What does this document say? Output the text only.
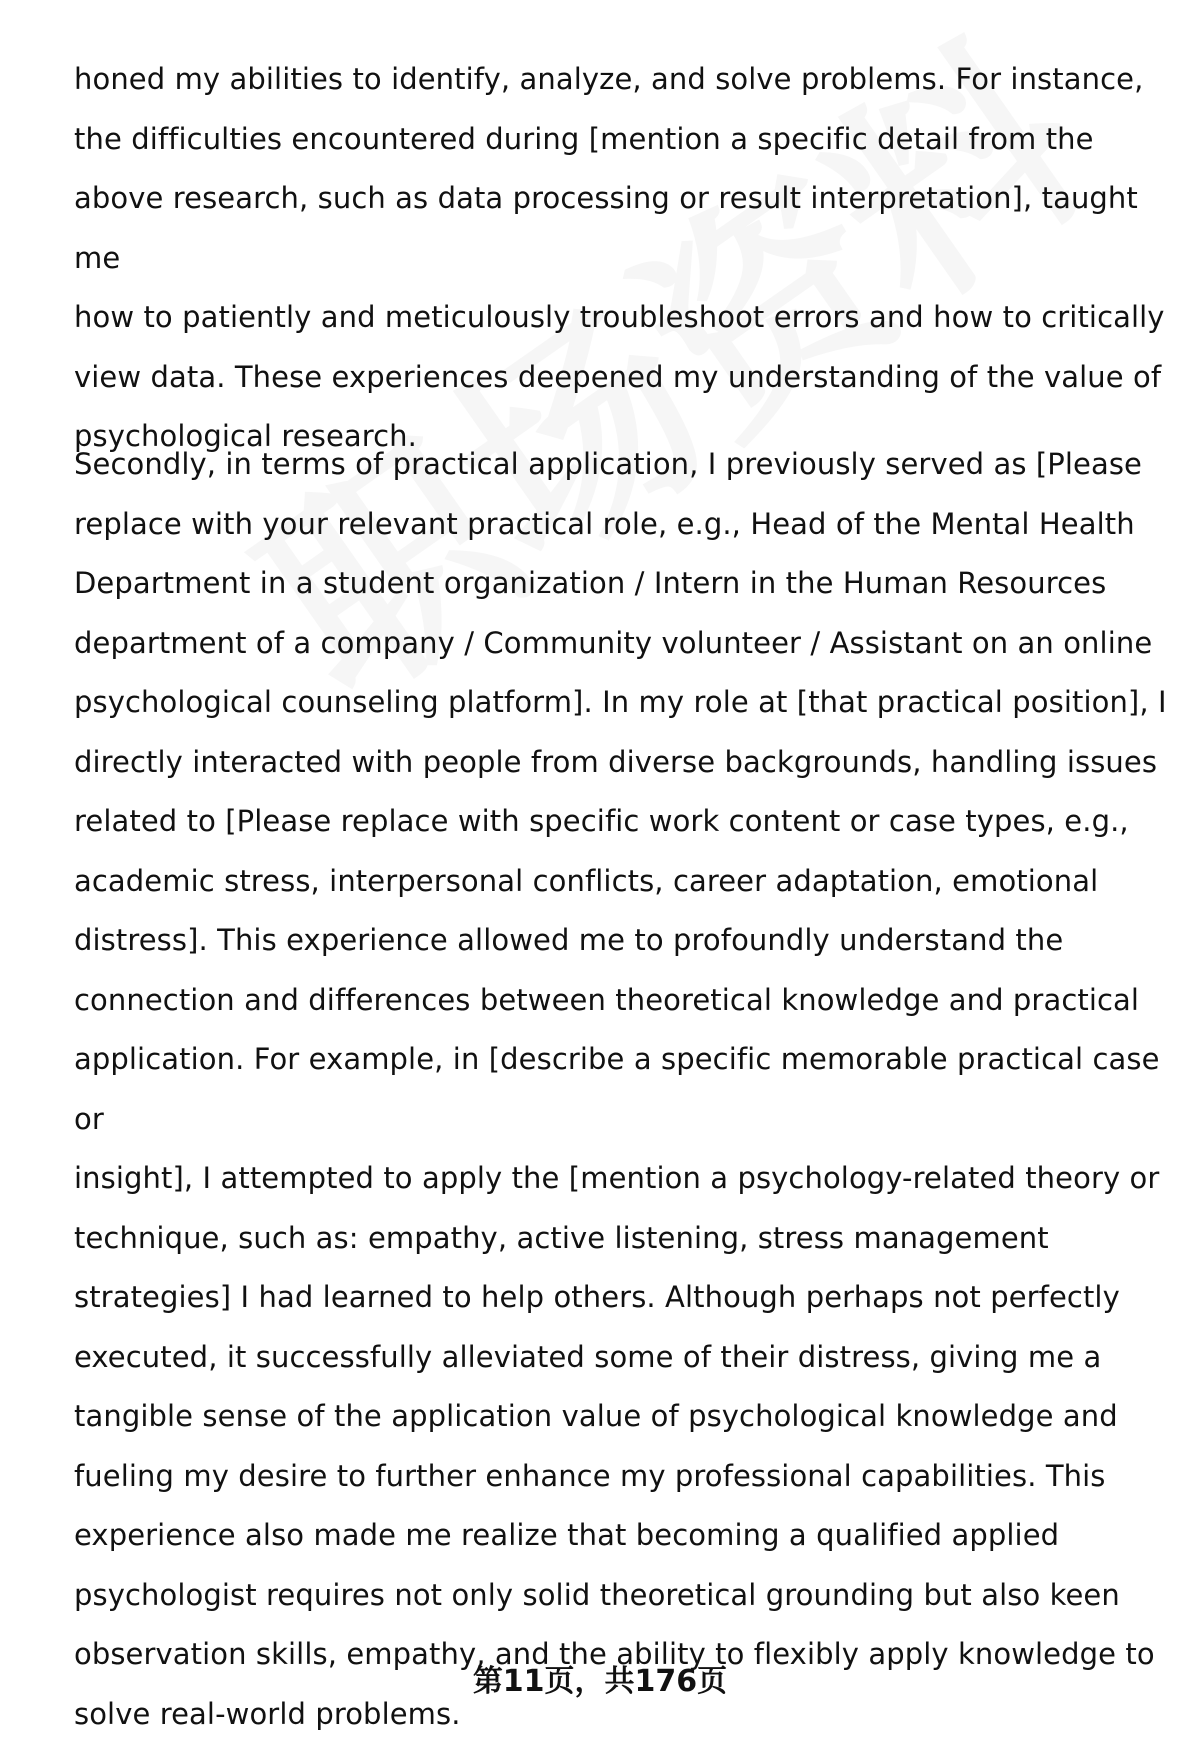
honed my abilities to identify, analyze, and solve problems. For instance,
the difficulties encountered during [mention a specific detail from the
above research, such as data processing or result interpretation], taught me
how to patiently and meticulously troubleshoot errors and how to critically
view data. These experiences deepened my understanding of the value of
psychological research.

Secondly, in terms of practical application, I previously served as [Please
replace with your relevant practical role, e.g., Head of the Mental Health
Department in a student organization / Intern in the Human Resources
department of a company / Community volunteer / Assistant on an online
psychological counseling platform]. In my role at [that practical position], I
directly interacted with people from diverse backgrounds, handling issues
related to [Please replace with specific work content or case types, e.g.,
academic stress, interpersonal conflicts, career adaptation, emotional
distress]. This experience allowed me to profoundly understand the
connection and differences between theoretical knowledge and practical
application. For example, in [describe a specific memorable practical case or
insight], I attempted to apply the [mention a psychology-related theory or
technique, such as: empathy, active listening, stress management
strategies] I had learned to help others. Although perhaps not perfectly
executed, it successfully alleviated some of their distress, giving me a
tangible sense of the application value of psychological knowledge and
fueling my desire to further enhance my professional capabilities. This
experience also made me realize that becoming a qualified applied
psychologist requires not only solid theoretical grounding but also keen
observation skills, empathy, and the ability to flexibly apply knowledge to
solve real-world problems.

第11页，共176页
